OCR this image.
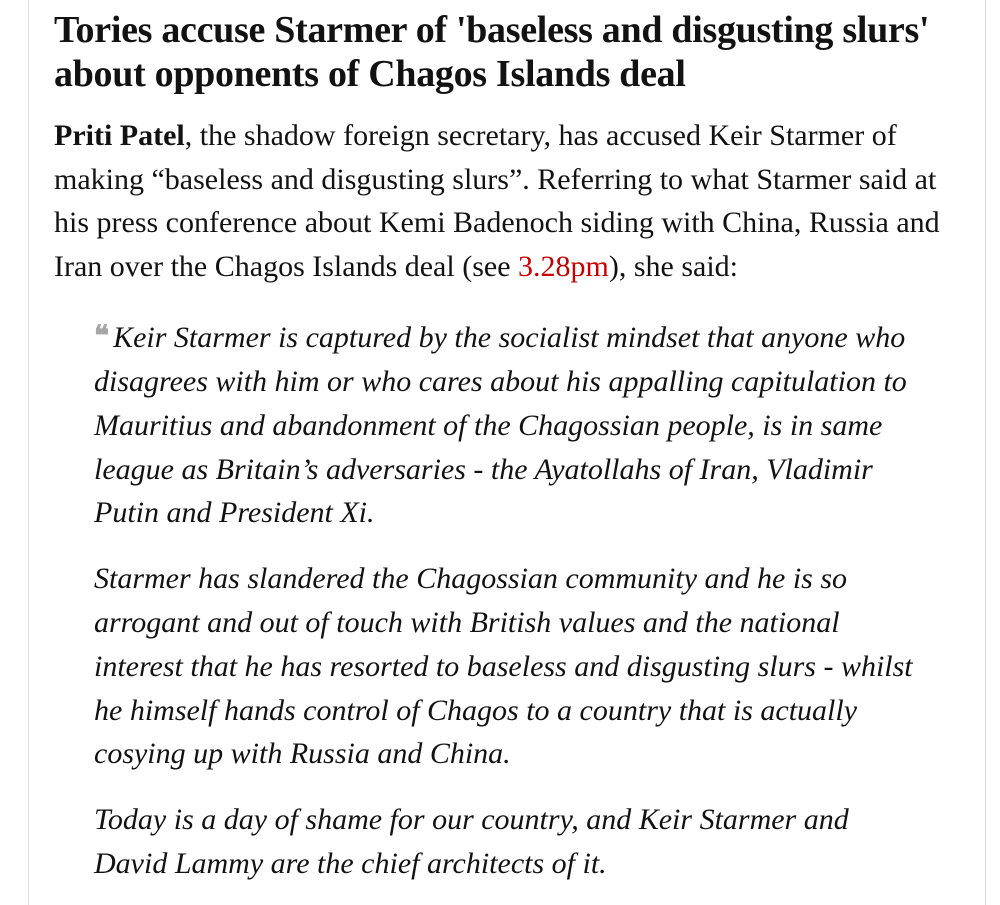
Tories accuse Starmer of 'baseless and disgusting slurs' about opponents of Chagos Islands deal

Priti Patel, the shadow foreign secretary, has accused Keir Starmer of making “baseless and disgusting slurs”. Referring to what Starmer said at his press conference about Kemi Badenoch siding with China, Russia and Iran over the Chagos Islands deal (see 3.28pm), she said:

❝ Keir Starmer is captured by the socialist mindset that anyone who disagrees with him or who cares about his appalling capitulation to Mauritius and abandonment of the Chagossian people, is in same league as Britain’s adversaries - the Ayatollahs of Iran, Vladimir Putin and President Xi.

Starmer has slandered the Chagossian community and he is so arrogant and out of touch with British values and the national interest that he has resorted to baseless and disgusting slurs - whilst he himself hands control of Chagos to a country that is actually cosying up with Russia and China.

Today is a day of shame for our country, and Keir Starmer and David Lammy are the chief architects of it.
